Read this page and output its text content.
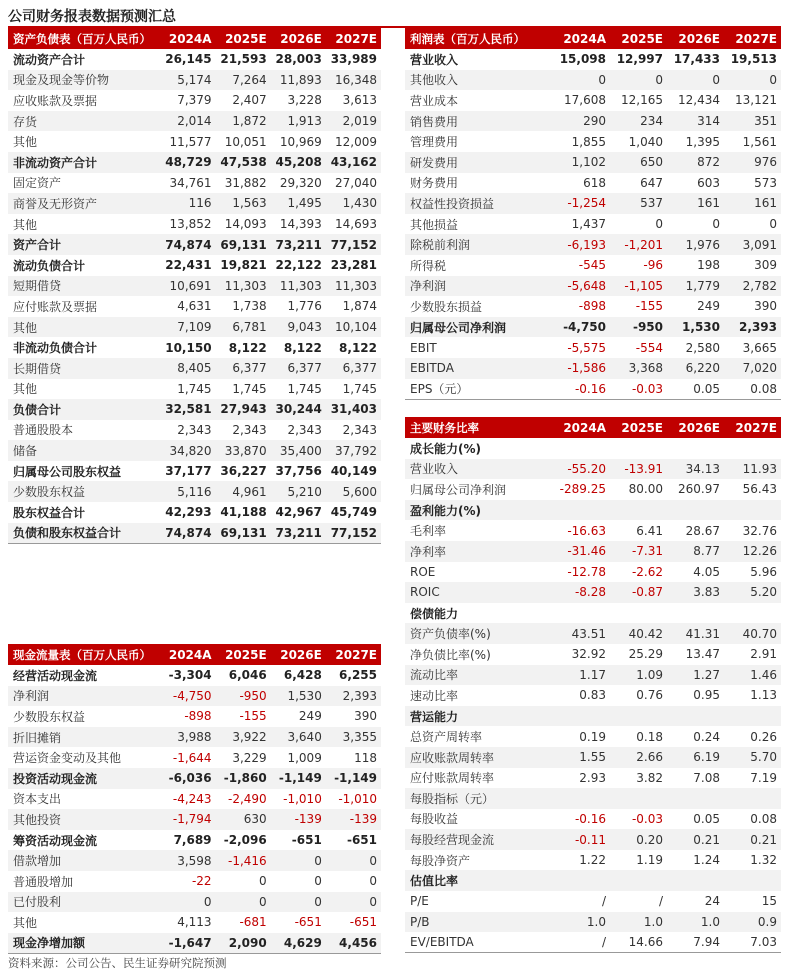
公司财务报表数据预测汇总
资产负债表（百万人民币）	2024A	2025E	2026E	2027E
流动资产合计	26,145	21,593	28,003	33,989
现金及现金等价物	5,174	7,264	11,893	16,348
应收账款及票据	7,379	2,407	3,228	3,613
存货	2,014	1,872	1,913	2,019
其他	11,577	10,051	10,969	12,009
非流动资产合计	48,729	47,538	45,208	43,162
固定资产	34,761	31,882	29,320	27,040
商誉及无形资产	116	1,563	1,495	1,430
其他	13,852	14,093	14,393	14,693
资产合计	74,874	69,131	73,211	77,152
流动负债合计	22,431	19,821	22,122	23,281
短期借贷	10,691	11,303	11,303	11,303
应付账款及票据	4,631	1,738	1,776	1,874
其他	7,109	6,781	9,043	10,104
非流动负债合计	10,150	8,122	8,122	8,122
长期借贷	8,405	6,377	6,377	6,377
其他	1,745	1,745	1,745	1,745
负债合计	32,581	27,943	30,244	31,403
普通股股本	2,343	2,343	2,343	2,343
储备	34,820	33,870	35,400	37,792
归属母公司股东权益	37,177	36,227	37,756	40,149
少数股东权益	5,116	4,961	5,210	5,600
股东权益合计	42,293	41,188	42,967	45,749
负债和股东权益合计	74,874	69,131	73,211	77,152
利润表（百万人民币）	2024A	2025E	2026E	2027E
营业收入	15,098	12,997	17,433	19,513
其他收入	0	0	0	0
营业成本	17,608	12,165	12,434	13,121
销售费用	290	234	314	351
管理费用	1,855	1,040	1,395	1,561
研发费用	1,102	650	872	976
财务费用	618	647	603	573
权益性投资损益	-1,254	537	161	161
其他损益	1,437	0	0	0
除税前利润	-6,193	-1,201	1,976	3,091
所得税	-545	-96	198	309
净利润	-5,648	-1,105	1,779	2,782
少数股东损益	-898	-155	249	390
归属母公司净利润	-4,750	-950	1,530	2,393
EBIT	-5,575	-554	2,580	3,665
EBITDA	-1,586	3,368	6,220	7,020
EPS（元）	-0.16	-0.03	0.05	0.08
主要财务比率	2024A	2025E	2026E	2027E
成长能力(%)				
营业收入	-55.20	-13.91	34.13	11.93
归属母公司净利润	-289.25	80.00	260.97	56.43
盈利能力(%)				
毛利率	-16.63	6.41	28.67	32.76
净利率	-31.46	-7.31	8.77	12.26
ROE	-12.78	-2.62	4.05	5.96
ROIC	-8.28	-0.87	3.83	5.20
偿债能力				
资产负债率(%)	43.51	40.42	41.31	40.70
净负债比率(%)	32.92	25.29	13.47	2.91
流动比率	1.17	1.09	1.27	1.46
速动比率	0.83	0.76	0.95	1.13
营运能力				
总资产周转率	0.19	0.18	0.24	0.26
应收账款周转率	1.55	2.66	6.19	5.70
应付账款周转率	2.93	3.82	7.08	7.19
每股指标（元）				
每股收益	-0.16	-0.03	0.05	0.08
每股经营现金流	-0.11	0.20	0.21	0.21
每股净资产	1.22	1.19	1.24	1.32
估值比率				
P/E	/	/	24	15
P/B	1.0	1.0	1.0	0.9
EV/EBITDA	/	14.66	7.94	7.03
现金流量表（百万人民币）	2024A	2025E	2026E	2027E
经营活动现金流	-3,304	6,046	6,428	6,255
净利润	-4,750	-950	1,530	2,393
少数股东权益	-898	-155	249	390
折旧摊销	3,988	3,922	3,640	3,355
营运资金变动及其他	-1,644	3,229	1,009	118
投资活动现金流	-6,036	-1,860	-1,149	-1,149
资本支出	-4,243	-2,490	-1,010	-1,010
其他投资	-1,794	630	-139	-139
筹资活动现金流	7,689	-2,096	-651	-651
借款增加	3,598	-1,416	0	0
普通股增加	-22	0	0	0
已付股利	0	0	0	0
其他	4,113	-681	-651	-651
现金净增加额	-1,647	2,090	4,629	4,456
资料来源：公司公告、民生证券研究院预测
